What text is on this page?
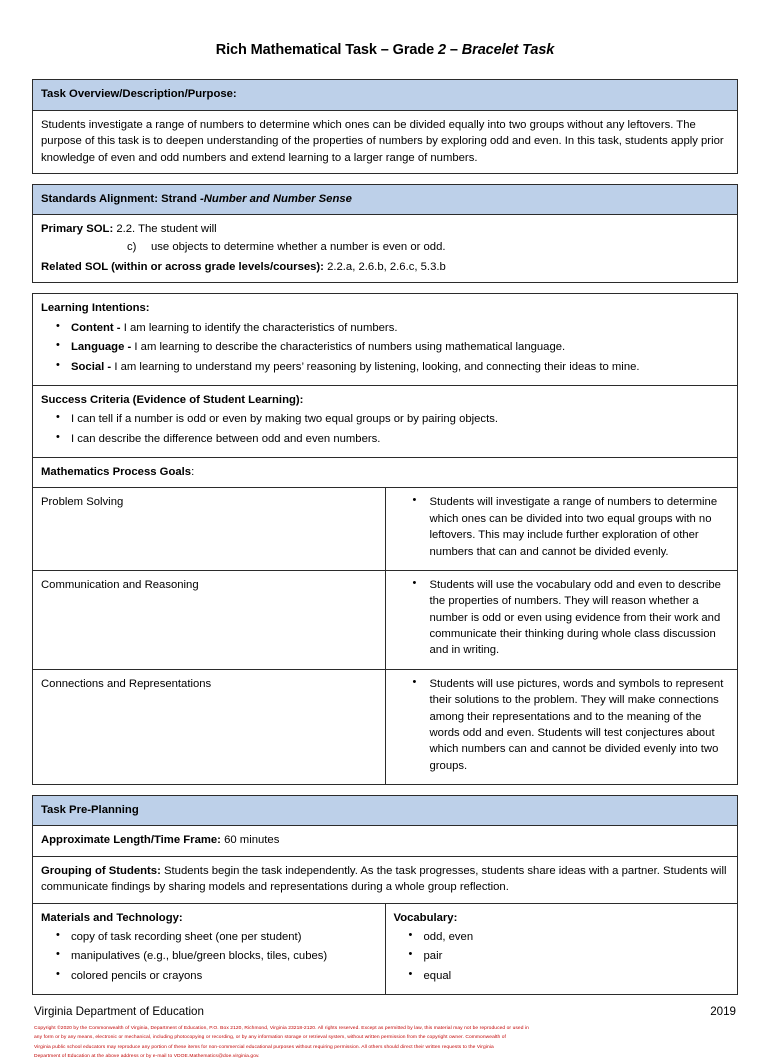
Rich Mathematical Task – Grade 2 – Bracelet Task
Task Overview/Description/Purpose:
Students investigate a range of numbers to determine which ones can be divided equally into two groups without any leftovers. The purpose of this task is to deepen understanding of the properties of numbers by exploring odd and even. In this task, students apply prior knowledge of even and odd numbers and extend learning to a larger range of numbers.
Standards Alignment: Strand -Number and Number Sense

Primary SOL: 2.2. The student will
c) use objects to determine whether a number is even or odd.
Related SOL (within or across grade levels/courses): 2.2.a, 2.6.b, 2.6.c, 5.3.b
Learning Intentions:
• Content - I am learning to identify the characteristics of numbers.
• Language - I am learning to describe the characteristics of numbers using mathematical language.
• Social - I am learning to understand my peers’ reasoning by listening, looking, and connecting their ideas to mine.

Success Criteria (Evidence of Student Learning):
• I can tell if a number is odd or even by making two equal groups or by pairing objects.
• I can describe the difference between odd and even numbers.

Mathematics Process Goals:	
Problem Solving	
•Students will investigate a range of numbers to determine which ones can be divided into two equal groups with no leftovers. This may include further exploration of other numbers that can and cannot be divided evenly.

Communication and Reasoning	
•Students will use the vocabulary odd and even to describe the properties of numbers. They will reason whether a number is odd or even using evidence from their work and communicate their thinking during whole class discussion and in writing.

Connections and Representations	
•Students will use pictures, words and symbols to represent their solutions to the problem. They will make connections among their representations and to the meaning of the words odd and even. Students will test conjectures about which numbers can and cannot be divided evenly into two groups.
Task Pre-Planning
Approximate Length/Time Frame: 60 minutes
Grouping of Students: Students begin the task independently. As the task progresses, students share ideas with a partner. Students will communicate findings by sharing models and representations during a whole group reflection.

Materials and Technology:
• copy of task recording sheet (one per student)
• manipulatives (e.g., blue/green blocks, tiles, cubes)
• colored pencils or crayons

Vocabulary:
• odd, even
• pair
• equal
Virginia Department of Education	2019

Copyright ©2020 by the Commonwealth of Virginia, Department of Education, P.O. Box 2120, Richmond, Virginia 23218-2120. All rights reserved. Except as permitted by law, this material may not be reproduced or used in

any form or by any means, electronic or mechanical, including photocopying or recording, or by any information storage or retrieval system, without written permission from the copyright owner. Commonwealth of

Virginia public school educators may reproduce any portion of these items for non-commercial educational purposes without requiring permission. All others should direct their written requests to the Virginia

Department of Education at the above address or by e-mail to VDOE.Mathematics@doe.virginia.gov.
